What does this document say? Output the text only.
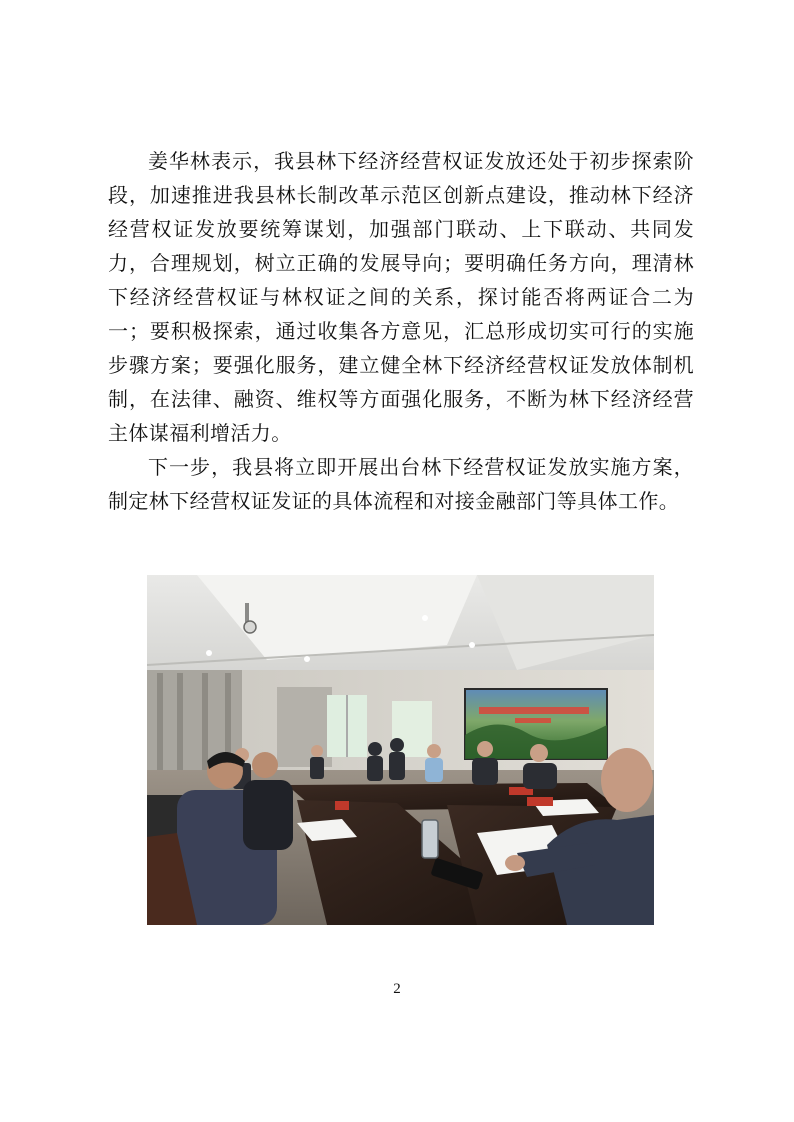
姜华林表示，我县林下经济经营权证发放还处于初步探索阶段，加速推进我县林长制改革示范区创新点建设，推动林下经济经营权证发放要统筹谋划，加强部门联动、上下联动、共同发力，合理规划，树立正确的发展导向；要明确任务方向，理清林下经济经营权证与林权证之间的关系，探讨能否将两证合二为一；要积极探索，通过收集各方意见，汇总形成切实可行的实施步骤方案；要强化服务，建立健全林下经济经营权证发放体制机制，在法律、融资、维权等方面强化服务，不断为林下经济经营主体谋福利增活力。

下一步，我县将立即开展出台林下经营权证发放实施方案，制定林下经营权证发证的具体流程和对接金融部门等具体工作。

2
